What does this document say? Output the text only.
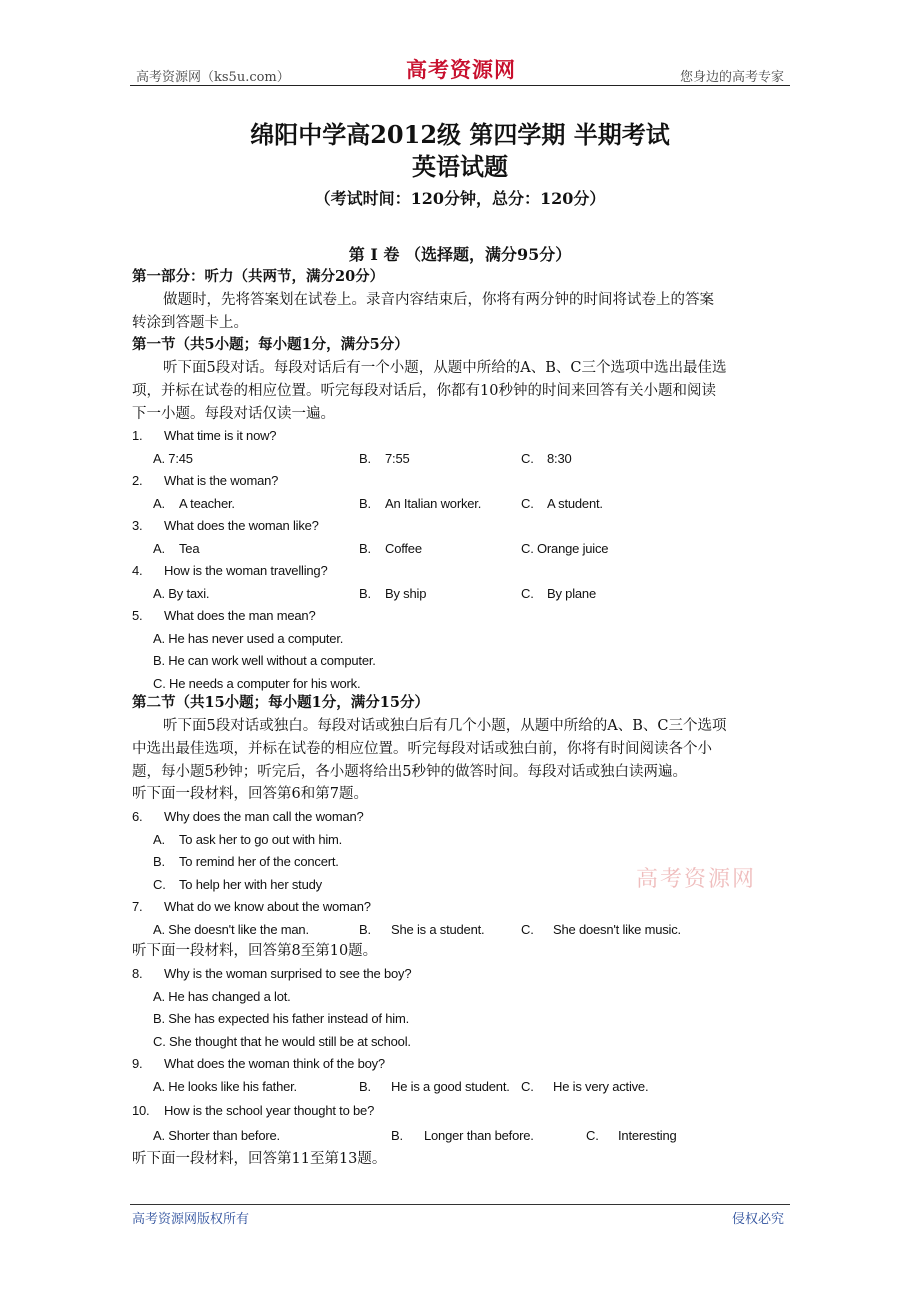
高考资源网（ks5u.com）	高考资源网	您身边的高考专家
绵阳中学高2012级 第四学期 半期考试
英语试题
（考试时间：120分钟，总分：120分）
第 I 卷 （选择题，满分95分）
第一部分：听力（共两节，满分20分）
做题时，先将答案划在试卷上。录音内容结束后，你将有两分钟的时间将试卷上的答案
转涂到答题卡上。
第一节（共5小题；每小题1分，满分5分）
听下面5段对话。每段对话后有一个小题，从题中所给的A、B、C三个选项中选出最佳选
项，并标在试卷的相应位置。听完每段对话后，你都有10秒钟的时间来回答有关小题和阅读
下一小题。每段对话仅读一遍。
1. What time is it now?
A. 7:45	B. 7:55	C. 8:30
2. What is the woman?
A. A teacher.	B. An Italian worker.	C. A student.
3. What does the woman like?
A. Tea	B. Coffee	C. Orange juice
4. How is the woman travelling?
A. By taxi.	B. By ship	C. By plane
5. What does the man mean?
A. He has never used a computer.
B. He can work well without a computer.
C. He needs a computer for his work.
第二节（共15小题；每小题1分，满分15分）
听下面5段对话或独白。每段对话或独白后有几个小题，从题中所给的A、B、C三个选项
中选出最佳选项，并标在试卷的相应位置。听完每段对话或独白前，你将有时间阅读各个小
题，每小题5秒钟；听完后，各小题将给出5秒钟的做答时间。每段对话或独白读两遍。
听下面一段材料，回答第6和第7题。
6. Why does the man call the woman?
A. To ask her to go out with him.
B. To remind her of the concert.
C. To help her with her study	高考资源网
7. What do we know about the woman?
A. She doesn't like the man.	B. She is a student.	C. She doesn't like music.
听下面一段材料，回答第8至第10题。
8. Why is the woman surprised to see the boy?
A. He has changed a lot.
B. She has expected his father instead of him.
C. She thought that he would still be at school.
9. What does the woman think of the boy?
A. He looks like his father.	B. He is a good student. C. He is very active.
10. How is the school year thought to be?
A. Shorter than before.	B. Longer than before.	C. Interesting
听下面一段材料，回答第11至第13题。
高考资源网版权所有	侵权必究
